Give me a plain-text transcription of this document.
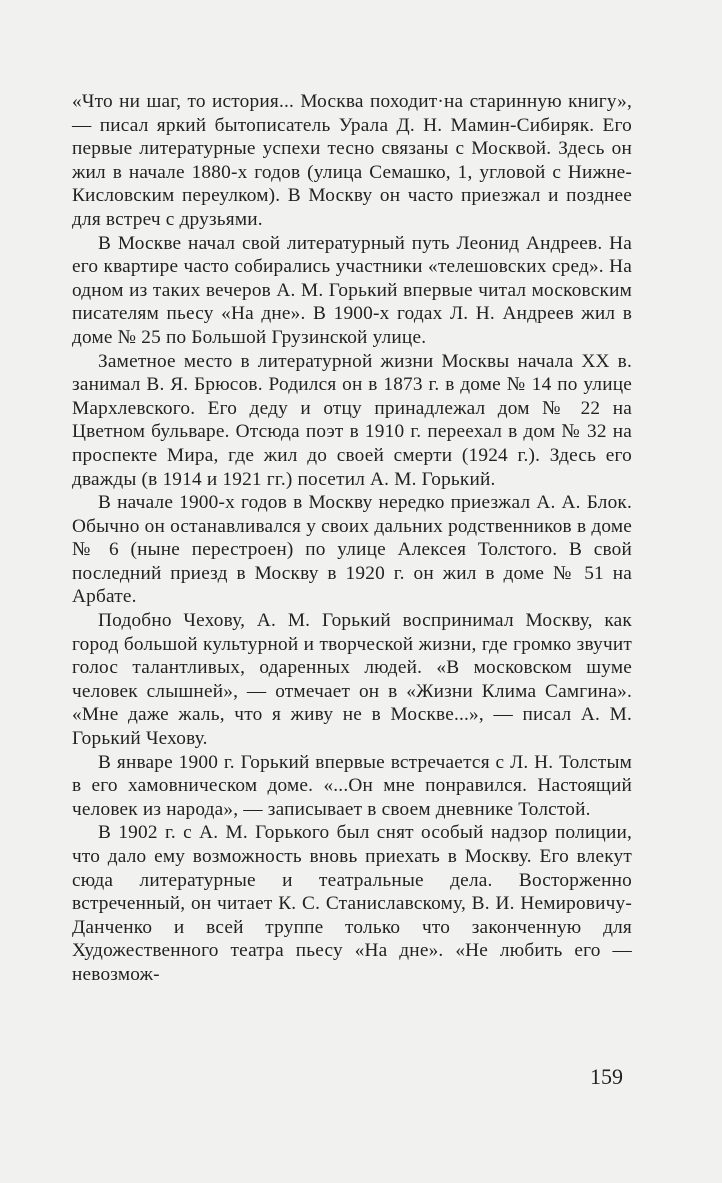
«Что ни шаг, то история... Москва походит·на старинную книгу», — писал яркий бытописатель Урала Д. Н. Мамин-Сибиряк. Его первые литературные успехи тесно связаны с Москвой. Здесь он жил в начале 1880-х годов (улица Семашко, 1, угловой с Нижне-Кисловским переулком). В Москву он часто приезжал и позднее для встреч с друзьями.

В Москве начал свой литературный путь Леонид Андреев. На его квартире часто собирались участники «телешовских сред». На одном из таких вечеров А. М. Горький впервые читал московским писателям пьесу «На дне». В 1900-х годах Л. Н. Андреев жил в доме № 25 по Большой Грузинской улице.

Заметное место в литературной жизни Москвы начала XX в. занимал В. Я. Брюсов. Родился он в 1873 г. в доме № 14 по улице Мархлевского. Его деду и отцу принадлежал дом № 22 на Цветном бульваре. Отсюда поэт в 1910 г. переехал в дом № 32 на проспекте Мира, где жил до своей смерти (1924 г.). Здесь его дважды (в 1914 и 1921 гг.) посетил А. М. Горький.

В начале 1900-х годов в Москву нередко приезжал А. А. Блок. Обычно он останавливался у своих дальних родственников в доме № 6 (ныне перестроен) по улице Алексея Толстого. В свой последний приезд в Москву в 1920 г. он жил в доме № 51 на Арбате.

Подобно Чехову, А. М. Горький воспринимал Москву, как город большой культурной и творческой жизни, где громко звучит голос талантливых, одаренных людей. «В московском шуме человек слышней», — отмечает он в «Жизни Клима Самгина». «Мне даже жаль, что я живу не в Москве...», — писал А. М. Горький Чехову.

В январе 1900 г. Горький впервые встречается с Л. Н. Толстым в его хамовническом доме. «...Он мне понравился. Настоящий человек из народа», — записывает в своем дневнике Толстой.

В 1902 г. с А. М. Горького был снят особый надзор полиции, что дало ему возможность вновь приехать в Москву. Его влекут сюда литературные и театральные дела. Восторженно встреченный, он читает К. С. Станиславскому, В. И. Немировичу-Данченко и всей труппе только что законченную для Художественного театра пьесу «На дне». «Не любить его — невозмож-

159
